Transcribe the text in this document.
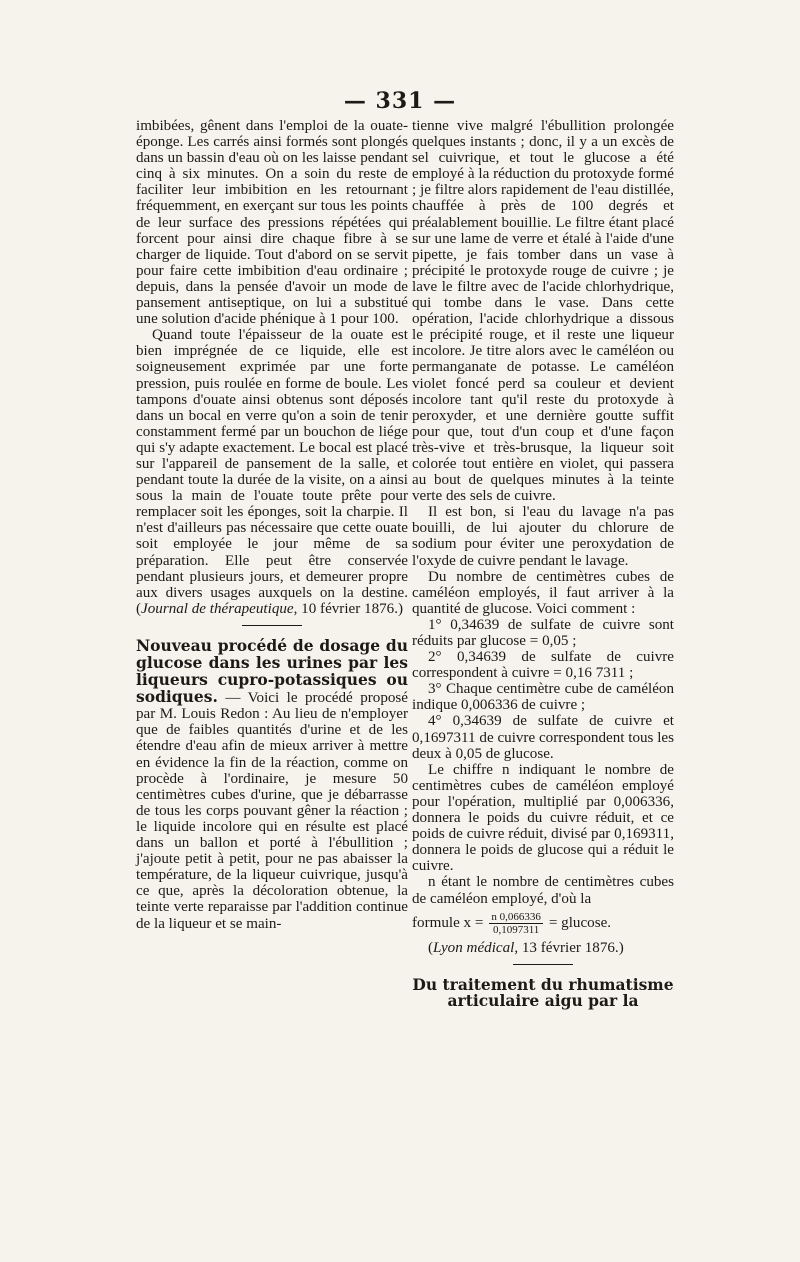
— 331 —

imbibées, gênent dans l'emploi de la ouate-éponge. Les carrés ainsi formés sont plongés dans un bassin d'eau où on les laisse pendant cinq à six minutes. On a soin du reste de faciliter leur imbibition en les retournant fréquemment, en exerçant sur tous les points de leur surface des pressions répétées qui forcent pour ainsi dire chaque fibre à se charger de liquide. Tout d'abord on se servit pour faire cette imbibition d'eau ordinaire ; depuis, dans la pensée d'avoir un mode de pansement antiseptique, on lui a substitué une solution d'acide phénique à 1 pour 100.

Quand toute l'épaisseur de la ouate est bien imprégnée de ce liquide, elle est soigneusement exprimée par une forte pression, puis roulée en forme de boule. Les tampons d'ouate ainsi obtenus sont déposés dans un bocal en verre qu'on a soin de tenir constamment fermé par un bouchon de liége qui s'y adapte exactement. Le bocal est placé sur l'appareil de pansement de la salle, et pendant toute la durée de la visite, on a ainsi sous la main de l'ouate toute prête pour remplacer soit les éponges, soit la charpie. Il n'est d'ailleurs pas nécessaire que cette ouate soit employée le jour même de sa préparation. Elle peut être conservée pendant plusieurs jours, et demeurer propre aux divers usages auxquels on la destine. (Journal de thérapeutique, 10 février 1876.)

Nouveau procédé de dosage du glucose dans les urines par les liqueurs cupro-potassiques ou sodiques. — Voici le procédé proposé par M. Louis Redon : Au lieu de n'employer que de faibles quantités d'urine et de les étendre d'eau afin de mieux arriver à mettre en évidence la fin de la réaction, comme on procède à l'ordinaire, je mesure 50 centimètres cubes d'urine, que je débarrasse de tous les corps pouvant gêner la réaction ; le liquide incolore qui en résulte est placé dans un ballon et porté à l'ébullition ; j'ajoute petit à petit, pour ne pas abaisser la température, de la liqueur cuivrique, jusqu'à ce que, après la décoloration obtenue, la teinte verte reparaisse par l'addition continue de la liqueur et se main-

tienne vive malgré l'ébullition prolongée quelques instants ; donc, il y a un excès de sel cuivrique, et tout le glucose a été employé à la réduction du protoxyde formé ; je filtre alors rapidement de l'eau distillée, chauffée à près de 100 degrés et préalablement bouillie. Le filtre étant placé sur une lame de verre et étalé à l'aide d'une pipette, je fais tomber dans un vase à précipité le protoxyde rouge de cuivre ; je lave le filtre avec de l'acide chlorhydrique, qui tombe dans le vase. Dans cette opération, l'acide chlorhydrique a dissous le précipité rouge, et il reste une liqueur incolore. Je titre alors avec le caméléon ou permanganate de potasse. Le caméléon violet foncé perd sa couleur et devient incolore tant qu'il reste du protoxyde à peroxyder, et une dernière goutte suffit pour que, tout d'un coup et d'une façon très-vive et très-brusque, la liqueur soit colorée tout entière en violet, qui passera au bout de quelques minutes à la teinte verte des sels de cuivre.

Il est bon, si l'eau du lavage n'a pas bouilli, de lui ajouter du chlorure de sodium pour éviter une peroxydation de l'oxyde de cuivre pendant le lavage.

Du nombre de centimètres cubes de caméléon employés, il faut arriver à la quantité de glucose. Voici comment :

1° 0,34639 de sulfate de cuivre sont réduits par glucose = 0,05 ;

2° 0,34639 de sulfate de cuivre correspondent à cuivre = 0,16 7311 ;

3° Chaque centimètre cube de caméléon indique 0,006336 de cuivre ;

4° 0,34639 de sulfate de cuivre et 0,1697311 de cuivre correspondent tous les deux à 0,05 de glucose.

Le chiffre n indiquant le nombre de centimètres cubes de caméléon employé pour l'opération, multiplié par 0,006336, donnera le poids du cuivre réduit, et ce poids de cuivre réduit, divisé par 0,169311, donnera le poids de glucose qui a réduit le cuivre.

n étant le nombre de centimètres cubes de caméléon employé, d'où la

formule $x = \frac{n 0,066336}{0,1097311} = glucose$.

(Lyon médical, 13 février 1876.)

Du traitement du rhumatisme articulaire aigu par la
